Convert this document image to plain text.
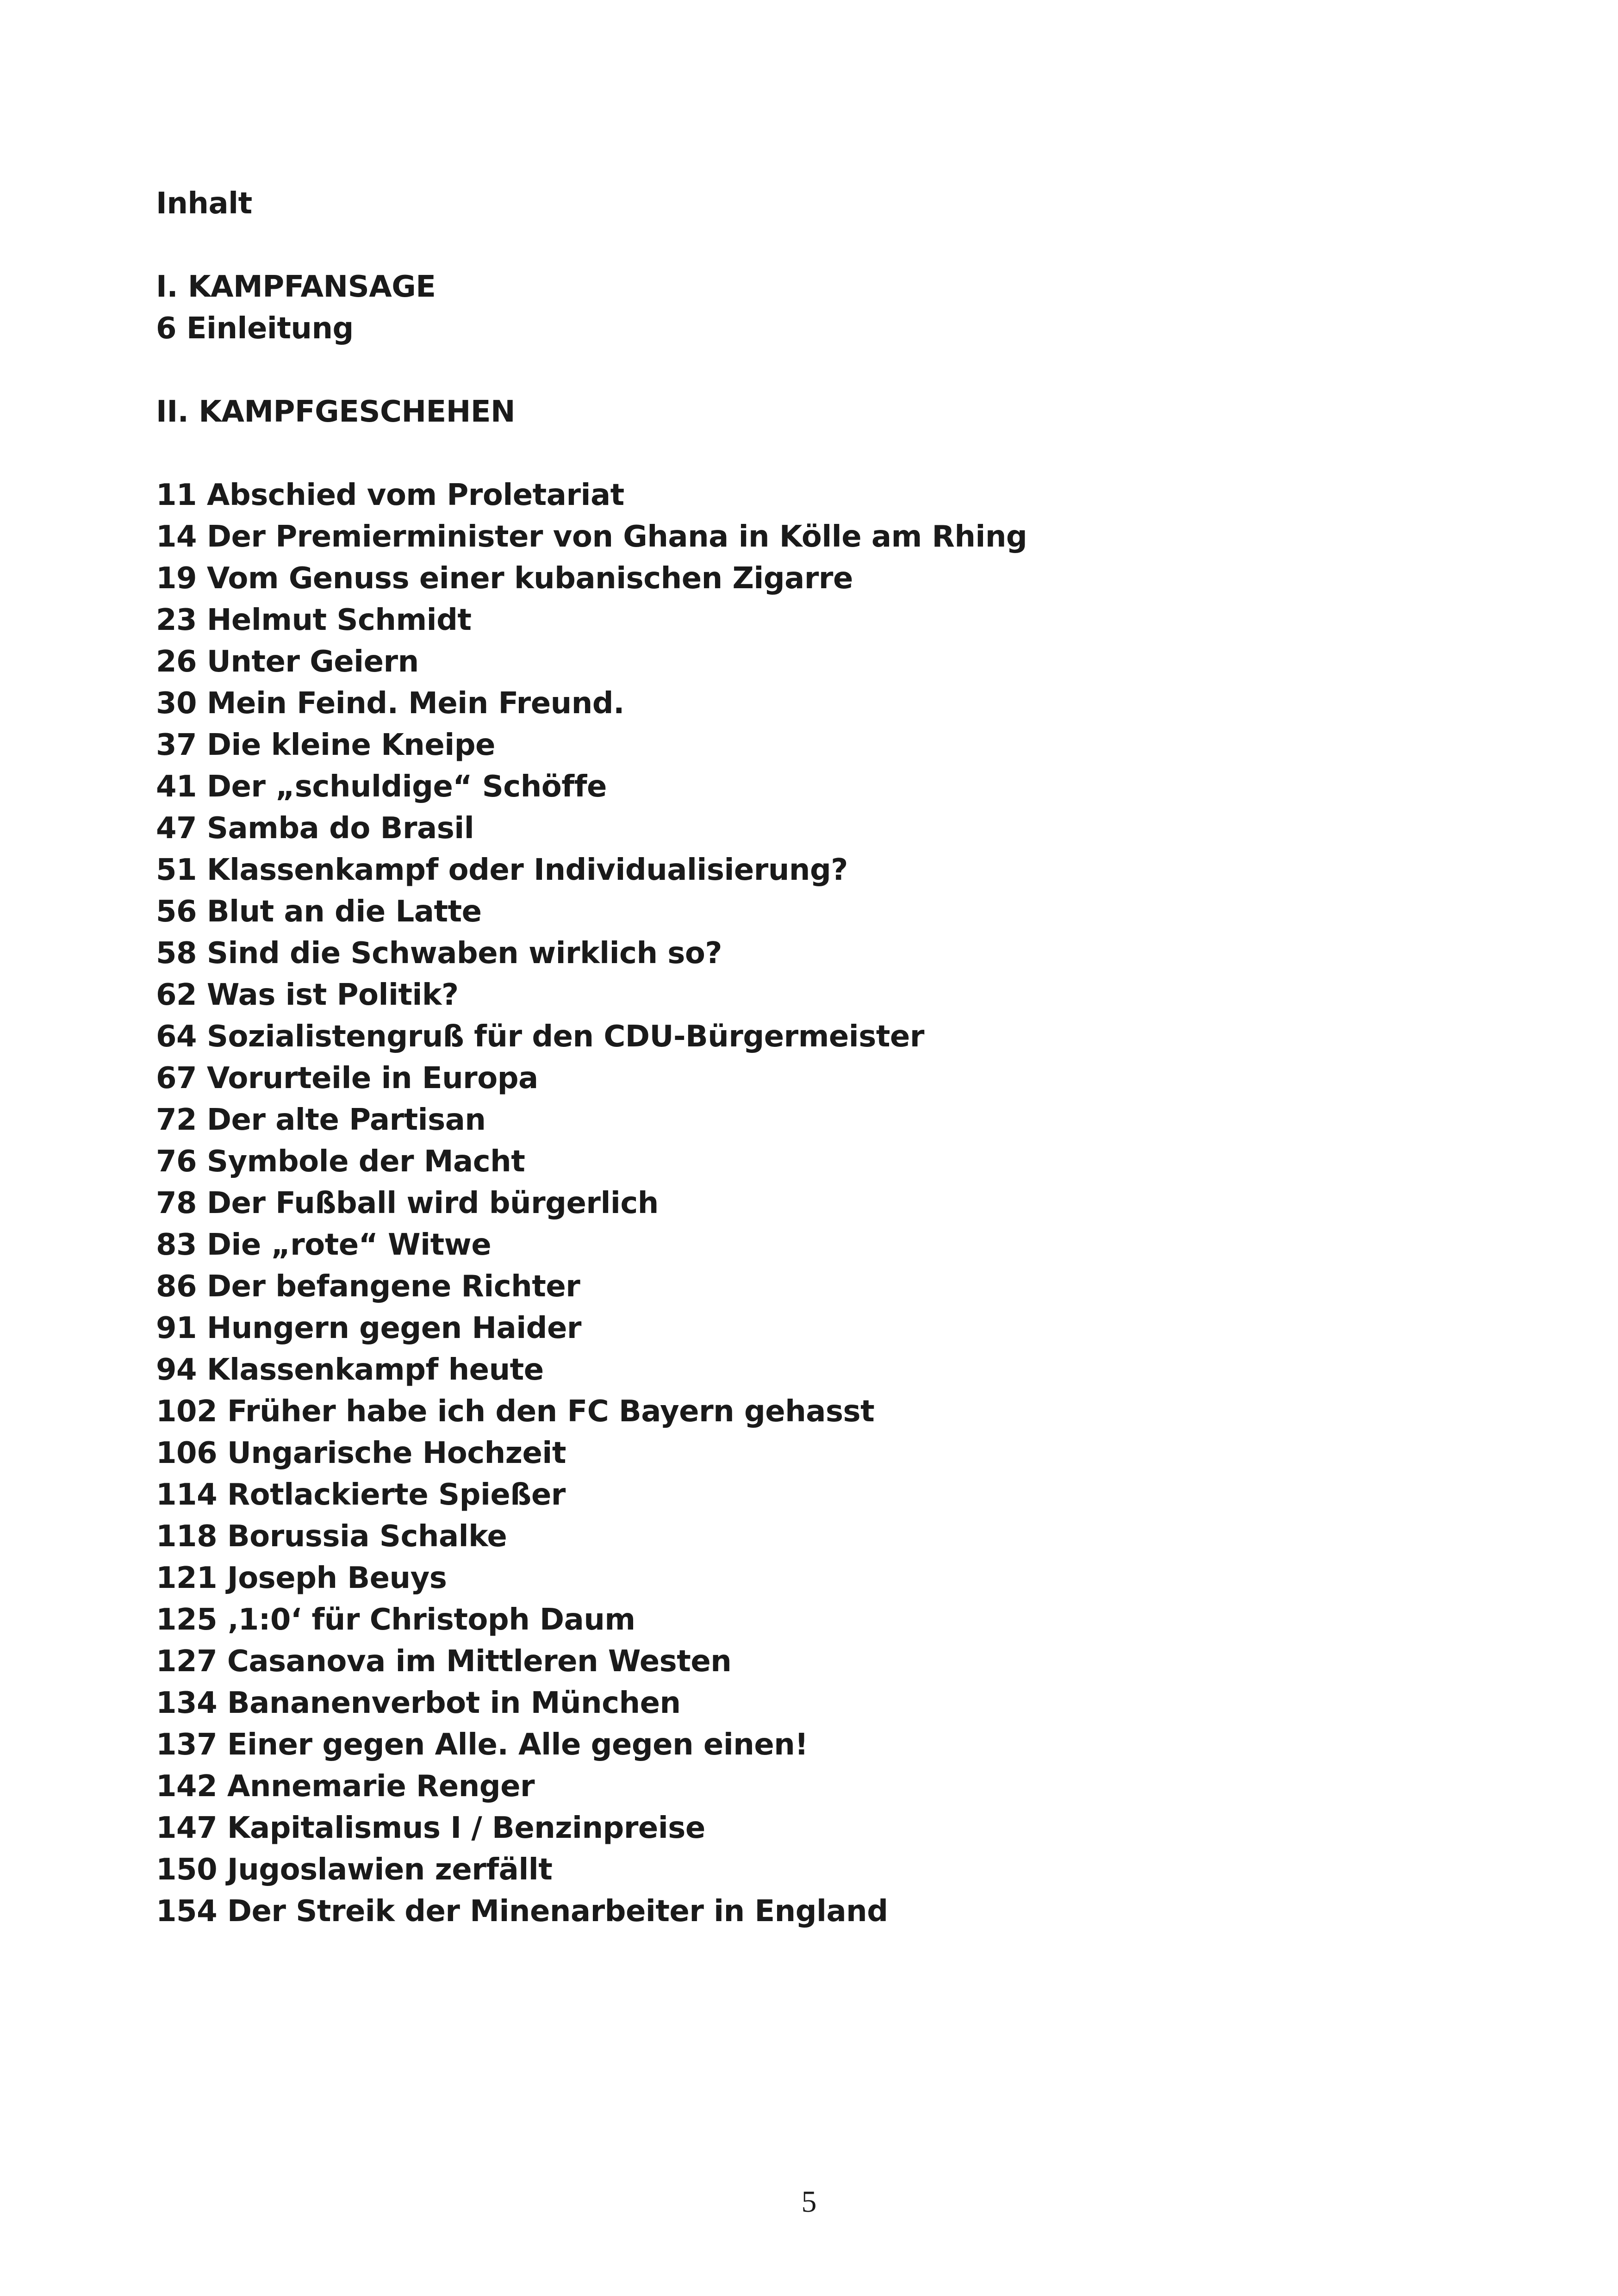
Inhalt
I. KAMPFANSAGE
6 Einleitung
II. KAMPFGESCHEHEN
11 Abschied vom Proletariat
14 Der Premierminister von Ghana in Kölle am Rhing
19 Vom Genuss einer kubanischen Zigarre
23 Helmut Schmidt
26 Unter Geiern
30 Mein Feind. Mein Freund.
37 Die kleine Kneipe
41 Der „schuldige“ Schöffe
47 Samba do Brasil
51 Klassenkampf oder Individualisierung?
56 Blut an die Latte
58 Sind die Schwaben wirklich so?
62 Was ist Politik?
64 Sozialistengruß für den CDU-Bürgermeister
67 Vorurteile in Europa
72 Der alte Partisan
76 Symbole der Macht
78 Der Fußball wird bürgerlich
83 Die „rote“ Witwe
86 Der befangene Richter
91 Hungern gegen Haider
94 Klassenkampf heute
102 Früher habe ich den FC Bayern gehasst
106 Ungarische Hochzeit
114 Rotlackierte Spießer
118 Borussia Schalke
121 Joseph Beuys
125 ‚1:0‘ für Christoph Daum
127 Casanova im Mittleren Westen
134 Bananenverbot in München
137 Einer gegen Alle. Alle gegen einen!
142 Annemarie Renger
147 Kapitalismus I / Benzinpreise
150 Jugoslawien zerfällt
154 Der Streik der Minenarbeiter in England
5
